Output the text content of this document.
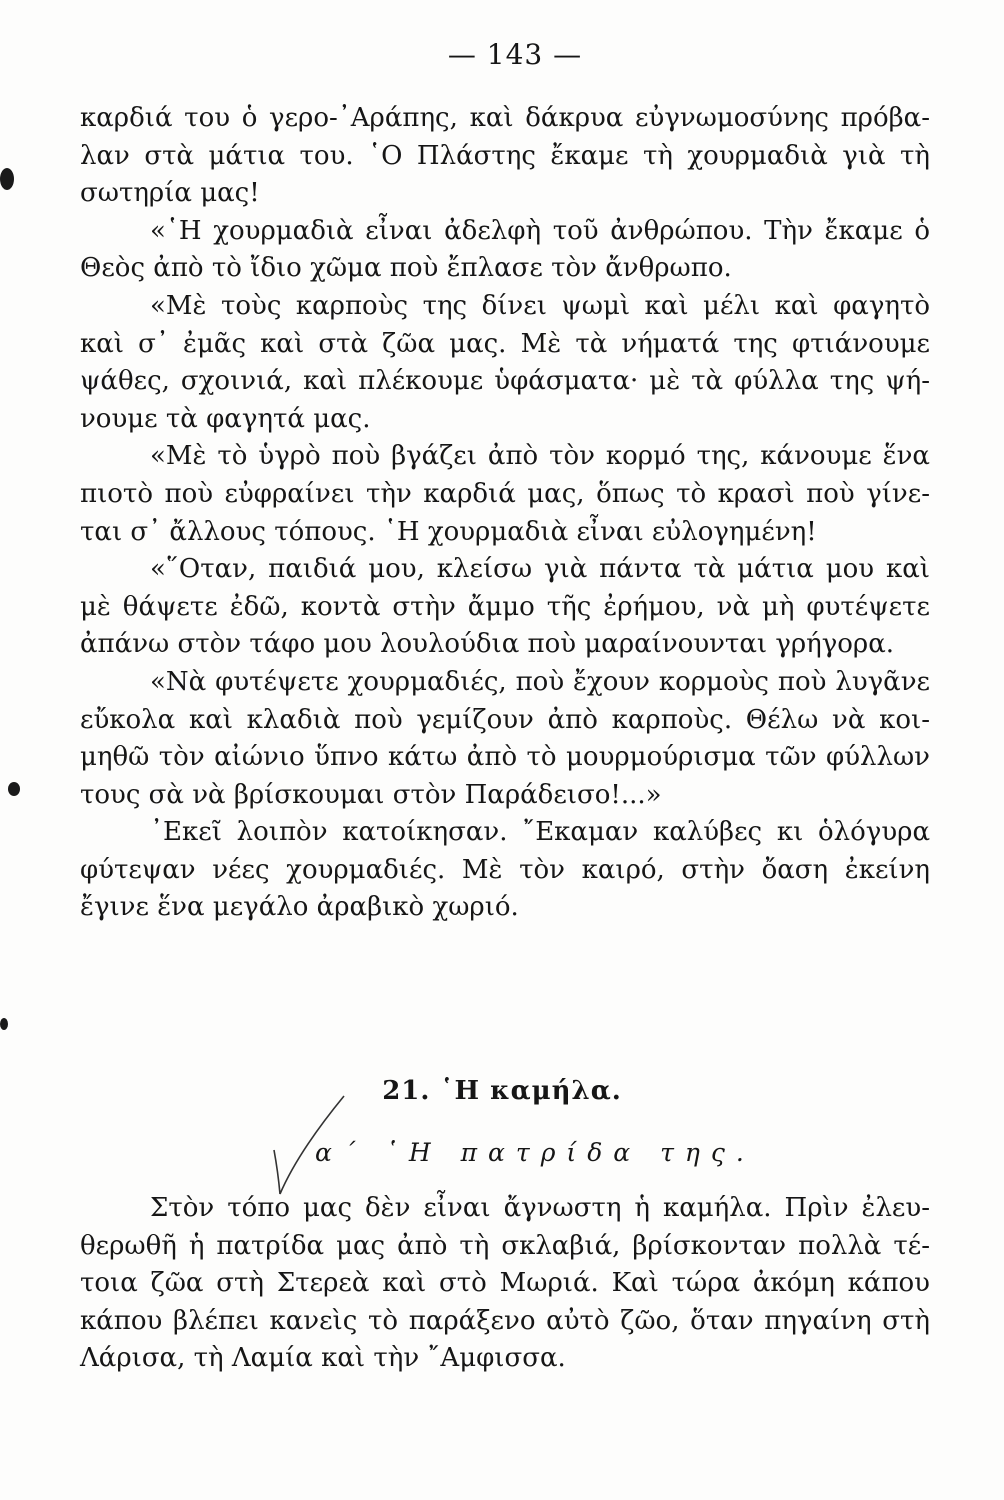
— 143 —
καρδιά του ὁ γερο-᾿Αράπης, καὶ δάκρυα εὐγνωμοσύνης πρόβα-
λαν στὰ μάτια του. ῾Ο Πλάστης ἔκαμε τὴ χουρμαδιὰ γιὰ τὴ
σωτηρία μας!
«῾Η χουρμαδιὰ εἶναι ἀδελφὴ τοῦ ἀνθρώπου. Τὴν ἔκαμε ὁ
Θεὸς ἀπὸ τὸ ἴδιο χῶμα ποὺ ἔπλασε τὸν ἄνθρωπο.
«Μὲ τοὺς καρποὺς της δίνει ψωμὶ καὶ μέλι καὶ φαγητὸ
καὶ σ᾿ ἐμᾶς καὶ στὰ ζῶα μας. Μὲ τὰ νήματά της φτιάνουμε
ψάθες, σχοινιά, καὶ πλέκουμε ὑφάσματα· μὲ τὰ φύλλα της ψή-
νουμε τὰ φαγητά μας.
«Μὲ τὸ ὑγρὸ ποὺ βγάζει ἀπὸ τὸν κορμό της, κάνουμε ἕνα
πιοτὸ ποὺ εὐφραίνει τὴν καρδιά μας, ὅπως τὸ κρασὶ ποὺ γίνε-
ται σ᾿ ἄλλους τόπους. ῾Η χουρμαδιὰ εἶναι εὐλογημένη!
«῞Οταν, παιδιά μου, κλείσω γιὰ πάντα τὰ μάτια μου καὶ
μὲ θάψετε ἐδῶ, κοντὰ στὴν ἄμμο τῆς ἐρήμου, νὰ μὴ φυτέψετε
ἀπάνω στὸν τάφο μου λουλούδια ποὺ μαραίνουνται γρήγορα.
«Νὰ φυτέψετε χουρμαδιές, ποὺ ἔχουν κορμοὺς ποὺ λυγᾶνε
εὔκολα καὶ κλαδιὰ ποὺ γεμίζουν ἀπὸ καρποὺς. Θέλω νὰ κοι-
μηθῶ τὸν αἰώνιο ὕπνο κάτω ἀπὸ τὸ μουρμούρισμα τῶν φύλλων
τους σὰ νὰ βρίσκουμαι στὸν Παράδεισο!...»
᾿Εκεῖ λοιπὸν κατοίκησαν. ῎Εκαμαν καλύβες κι ὁλόγυρα
φύτεψαν νέες χουρμαδιές. Μὲ τὸν καιρό, στὴν ὄαση ἐκείνη
ἔγινε ἕνα μεγάλο ἀραβικὸ χωριό.
21. ῾Η καμήλα.
α΄ ῾Η πατρίδα της.
Στὸν τόπο μας δὲν εἶναι ἄγνωστη ἡ καμήλα. Πρὶν ἐλευ-
θερωθῆ ἡ πατρίδα μας ἀπὸ τὴ σκλαβιά, βρίσκονταν πολλὰ τέ-
τοια ζῶα στὴ Στερεὰ καὶ στὸ Μωριά. Καὶ τώρα ἀκόμη κάπου
κάπου βλέπει κανεὶς τὸ παράξενο αὐτὸ ζῶο, ὅταν πηγαίνη στὴ
Λάρισα, τὴ Λαμία καὶ τὴν ῎Αμφισσα.
